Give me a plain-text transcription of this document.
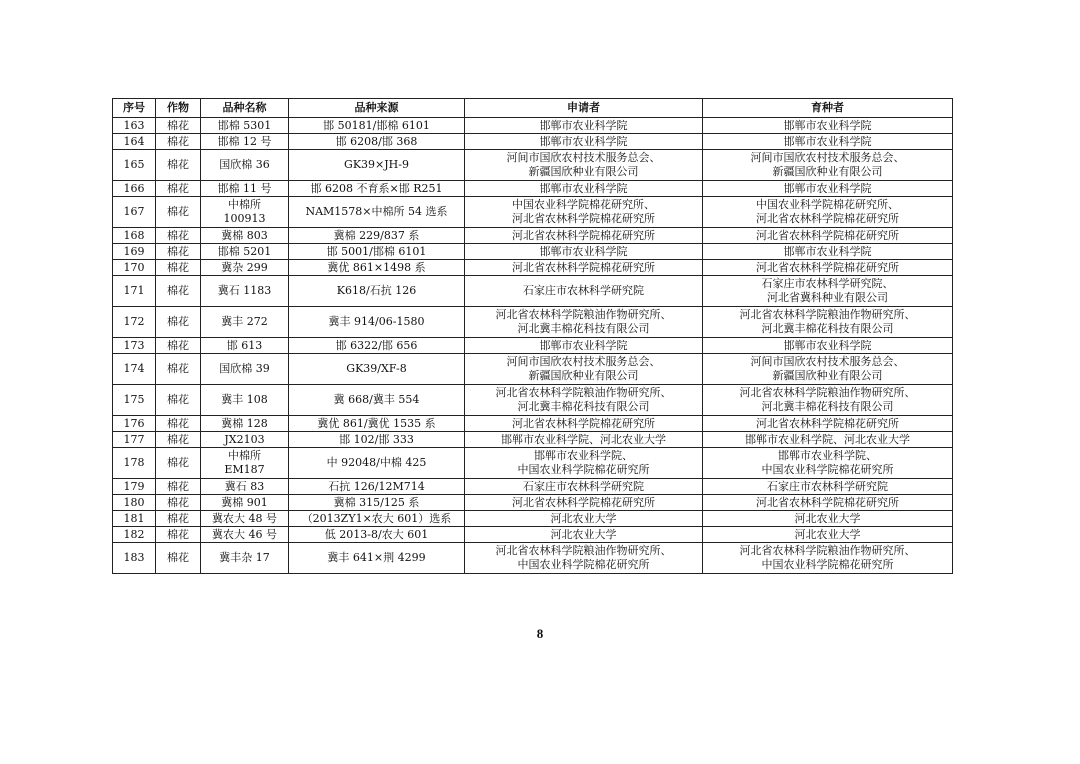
序号	作物	品种名称	品种来源	申请者	育种者
163	棉花	邯棉 5301	邯 50181/邯棉 6101	邯郸市农业科学院	邯郸市农业科学院

164	棉花	邯棉 12 号	邯 6208/邯 368	邯郸市农业科学院	邯郸市农业科学院

165	棉花	国欣棉 36	GK39×JH-9	河间市国欣农村技术服务总会、
新疆国欣种业有限公司	河间市国欣农村技术服务总会、
新疆国欣种业有限公司

166	棉花	邯棉 11 号	邯 6208 不育系×邯 R251	邯郸市农业科学院	邯郸市农业科学院

167	棉花	中棉所
100913	NAM1578×中棉所 54 选系	中国农业科学院棉花研究所、
河北省农林科学院棉花研究所	中国农业科学院棉花研究所、
河北省农林科学院棉花研究所

168	棉花	冀棉 803	冀棉 229/837 系	河北省农林科学院棉花研究所	河北省农林科学院棉花研究所

169	棉花	邯棉 5201	邯 5001/邯棉 6101	邯郸市农业科学院	邯郸市农业科学院

170	棉花	冀杂 299	冀优 861×1498 系	河北省农林科学院棉花研究所	河北省农林科学院棉花研究所

171	棉花	冀石 1183	K618/石抗 126	石家庄市农林科学研究院	石家庄市农林科学研究院、
河北省冀科种业有限公司

172	棉花	冀丰 272	冀丰 914/06-1580	河北省农林科学院粮油作物研究所、
河北冀丰棉花科技有限公司	河北省农林科学院粮油作物研究所、
河北冀丰棉花科技有限公司

173	棉花	邯 613	邯 6322/邯 656	邯郸市农业科学院	邯郸市农业科学院

174	棉花	国欣棉 39	GK39/XF-8	河间市国欣农村技术服务总会、
新疆国欣种业有限公司	河间市国欣农村技术服务总会、
新疆国欣种业有限公司

175	棉花	冀丰 108	冀 668/冀丰 554	河北省农林科学院粮油作物研究所、
河北冀丰棉花科技有限公司	河北省农林科学院粮油作物研究所、
河北冀丰棉花科技有限公司

176	棉花	冀棉 128	冀优 861/冀优 1535 系	河北省农林科学院棉花研究所	河北省农林科学院棉花研究所

177	棉花	JX2103	邯 102/邯 333	邯郸市农业科学院、河北农业大学	邯郸市农业科学院、河北农业大学

178	棉花	中棉所
EM187	中 92048/中棉 425	邯郸市农业科学院、
中国农业科学院棉花研究所	邯郸市农业科学院、
中国农业科学院棉花研究所

179	棉花	冀石 83	石抗 126/12M714	石家庄市农林科学研究院	石家庄市农林科学研究院

180	棉花	冀棉 901	冀棉 315/125 系	河北省农林科学院棉花研究所	河北省农林科学院棉花研究所

181	棉花	冀农大 48 号	（2013ZY1×农大 601）选系	河北农业大学	河北农业大学

182	棉花	冀农大 46 号	低 2013-8/农大 601	河北农业大学	河北农业大学

183	棉花	冀丰杂 17	冀丰 641×荆 4299	河北省农林科学院粮油作物研究所、
中国农业科学院棉花研究所	河北省农林科学院粮油作物研究所、
中国农业科学院棉花研究所
8
